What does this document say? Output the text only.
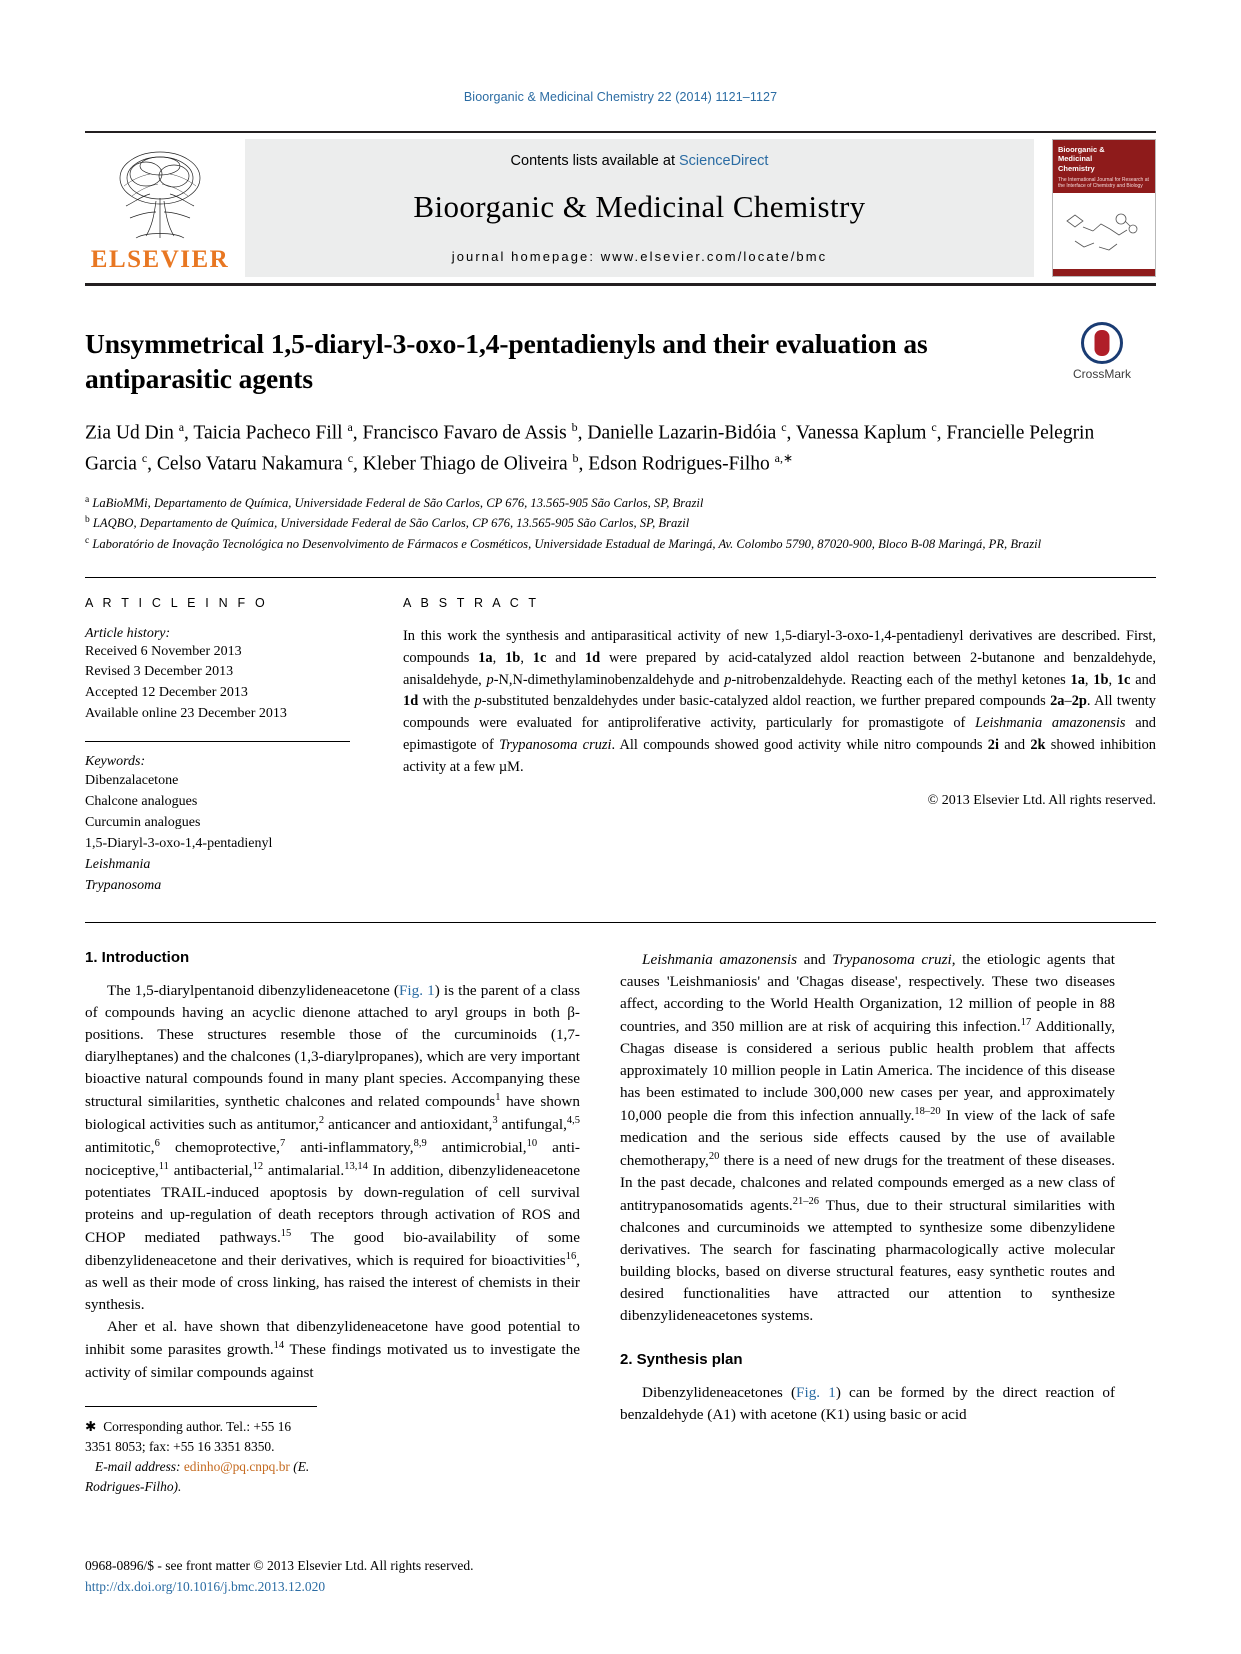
Bioorganic & Medicinal Chemistry 22 (2014) 1121–1127
ELSEVIER
Contents lists available at ScienceDirect
Bioorganic & Medicinal Chemistry
journal homepage: www.elsevier.com/locate/bmc
Bioorganic &
Medicinal
Chemistry
The International Journal for Research at the Interface of Chemistry and Biology
CrossMark
Unsymmetrical 1,5-diaryl-3-oxo-1,4-pentadienyls and their evaluation as antiparasitic agents
Zia Ud Din $^a$, Taicia Pacheco Fill $^a$, Francisco Favaro de Assis $^b$, Danielle Lazarin-Bidóia $^c$, Vanessa Kaplum $^c$, Francielle Pelegrin Garcia $^c$, Celso Vataru Nakamura $^c$, Kleber Thiago de Oliveira $^b$, Edson Rodrigues-Filho $^{a,∗}$
$^a$ LaBioMMi, Departamento de Química, Universidade Federal de São Carlos, CP 676, 13.565-905 São Carlos, SP, Brazil
$^b$ LAQBO, Departamento de Química, Universidade Federal de São Carlos, CP 676, 13.565-905 São Carlos, SP, Brazil
$^c$ Laboratório de Inovação Tecnológica no Desenvolvimento de Fármacos e Cosméticos, Universidade Estadual de Maringá, Av. Colombo 5790, 87020-900, Bloco B-08 Maringá, PR, Brazil
A R T I C L E I N F O
Article history:
Received 6 November 2013
Revised 3 December 2013
Accepted 12 December 2013
Available online 23 December 2013
Keywords:
Dibenzalacetone
Chalcone analogues
Curcumin analogues
1,5-Diaryl-3-oxo-1,4-pentadienyl
Leishmania
Trypanosoma
A B S T R A C T
In this work the synthesis and antiparasitical activity of new 1,5-diaryl-3-oxo-1,4-pentadienyl derivatives are described. First, compounds 1a, 1b, 1c and 1d were prepared by acid-catalyzed aldol reaction between 2-butanone and benzaldehyde, anisaldehyde, p-N,N-dimethylaminobenzaldehyde and p-nitrobenzaldehyde. Reacting each of the methyl ketones 1a, 1b, 1c and 1d with the p-substituted benzaldehydes under basic-catalyzed aldol reaction, we further prepared compounds 2a–2p. All twenty compounds were evaluated for antiproliferative activity, particularly for promastigote of Leishmania amazonensis and epimastigote of Trypanosoma cruzi. All compounds showed good activity while nitro compounds 2i and 2k showed inhibition activity at a few µM.
© 2013 Elsevier Ltd. All rights reserved.
1. Introduction

The 1,5-diarylpentanoid dibenzylideneacetone (Fig. 1) is the parent of a class of compounds having an acyclic dienone attached to aryl groups in both β-positions. These structures resemble those of the curcuminoids (1,7-diarylheptanes) and the chalcones (1,3-diarylpropanes), which are very important bioactive natural compounds found in many plant species. Accompanying these structural similarities, synthetic chalcones and related compounds$^1$ have shown biological activities such as antitumor,$^2$ anticancer and antioxidant,$^3$ antifungal,$^{4,5}$ antimitotic,$^6$ chemoprotective,$^7$ anti-inflammatory,$^{8,9}$ antimicrobial,$^{10}$ anti-nociceptive,$^{11}$ antibacterial,$^{12}$ antimalarial.$^{13,14}$ In addition, dibenzylideneacetone potentiates TRAIL-induced apoptosis by down-regulation of cell survival proteins and up-regulation of death receptors through activation of ROS and CHOP mediated pathways.$^{15}$ The good bio-availability of some dibenzylideneacetone and their derivatives, which is required for bioactivities$^{16}$, as well as their mode of cross linking, has raised the interest of chemists in their synthesis.

Aher et al. have shown that dibenzylideneacetone have good potential to inhibit some parasites growth.$^{14}$ These findings motivated us to investigate the activity of similar compounds against

✱ Corresponding author. Tel.: +55 16 3351 8053; fax: +55 16 3351 8350.
E-mail address: edinho@pq.cnpq.br (E. Rodrigues-Filho).

Leishmania amazonensis and Trypanosoma cruzi, the etiologic agents that causes 'Leishmaniosis' and 'Chagas disease', respectively. These two diseases affect, according to the World Health Organization, 12 million of people in 88 countries, and 350 million are at risk of acquiring this infection.$^{17}$ Additionally, Chagas disease is considered a serious public health problem that affects approximately 10 million people in Latin America. The incidence of this disease has been estimated to include 300,000 new cases per year, and approximately 10,000 people die from this infection annually.$^{18-20}$ In view of the lack of safe medication and the serious side effects caused by the use of available chemotherapy,$^{20}$ there is a need of new drugs for the treatment of these diseases. In the past decade, chalcones and related compounds emerged as a new class of antitrypanosomatids agents.$^{21-26}$ Thus, due to their structural similarities with chalcones and curcuminoids we attempted to synthesize some dibenzylidene derivatives. The search for fascinating pharmacologically active molecular building blocks, based on diverse structural features, easy synthetic routes and desired functionalities have attracted our attention to synthesize dibenzylideneacetones systems.

2. Synthesis plan

Dibenzylideneacetones (Fig. 1) can be formed by the direct reaction of benzaldehyde (A1) with acetone (K1) using basic or acid

0968-0896/$ - see front matter © 2013 Elsevier Ltd. All rights reserved.
http://dx.doi.org/10.1016/j.bmc.2013.12.020
